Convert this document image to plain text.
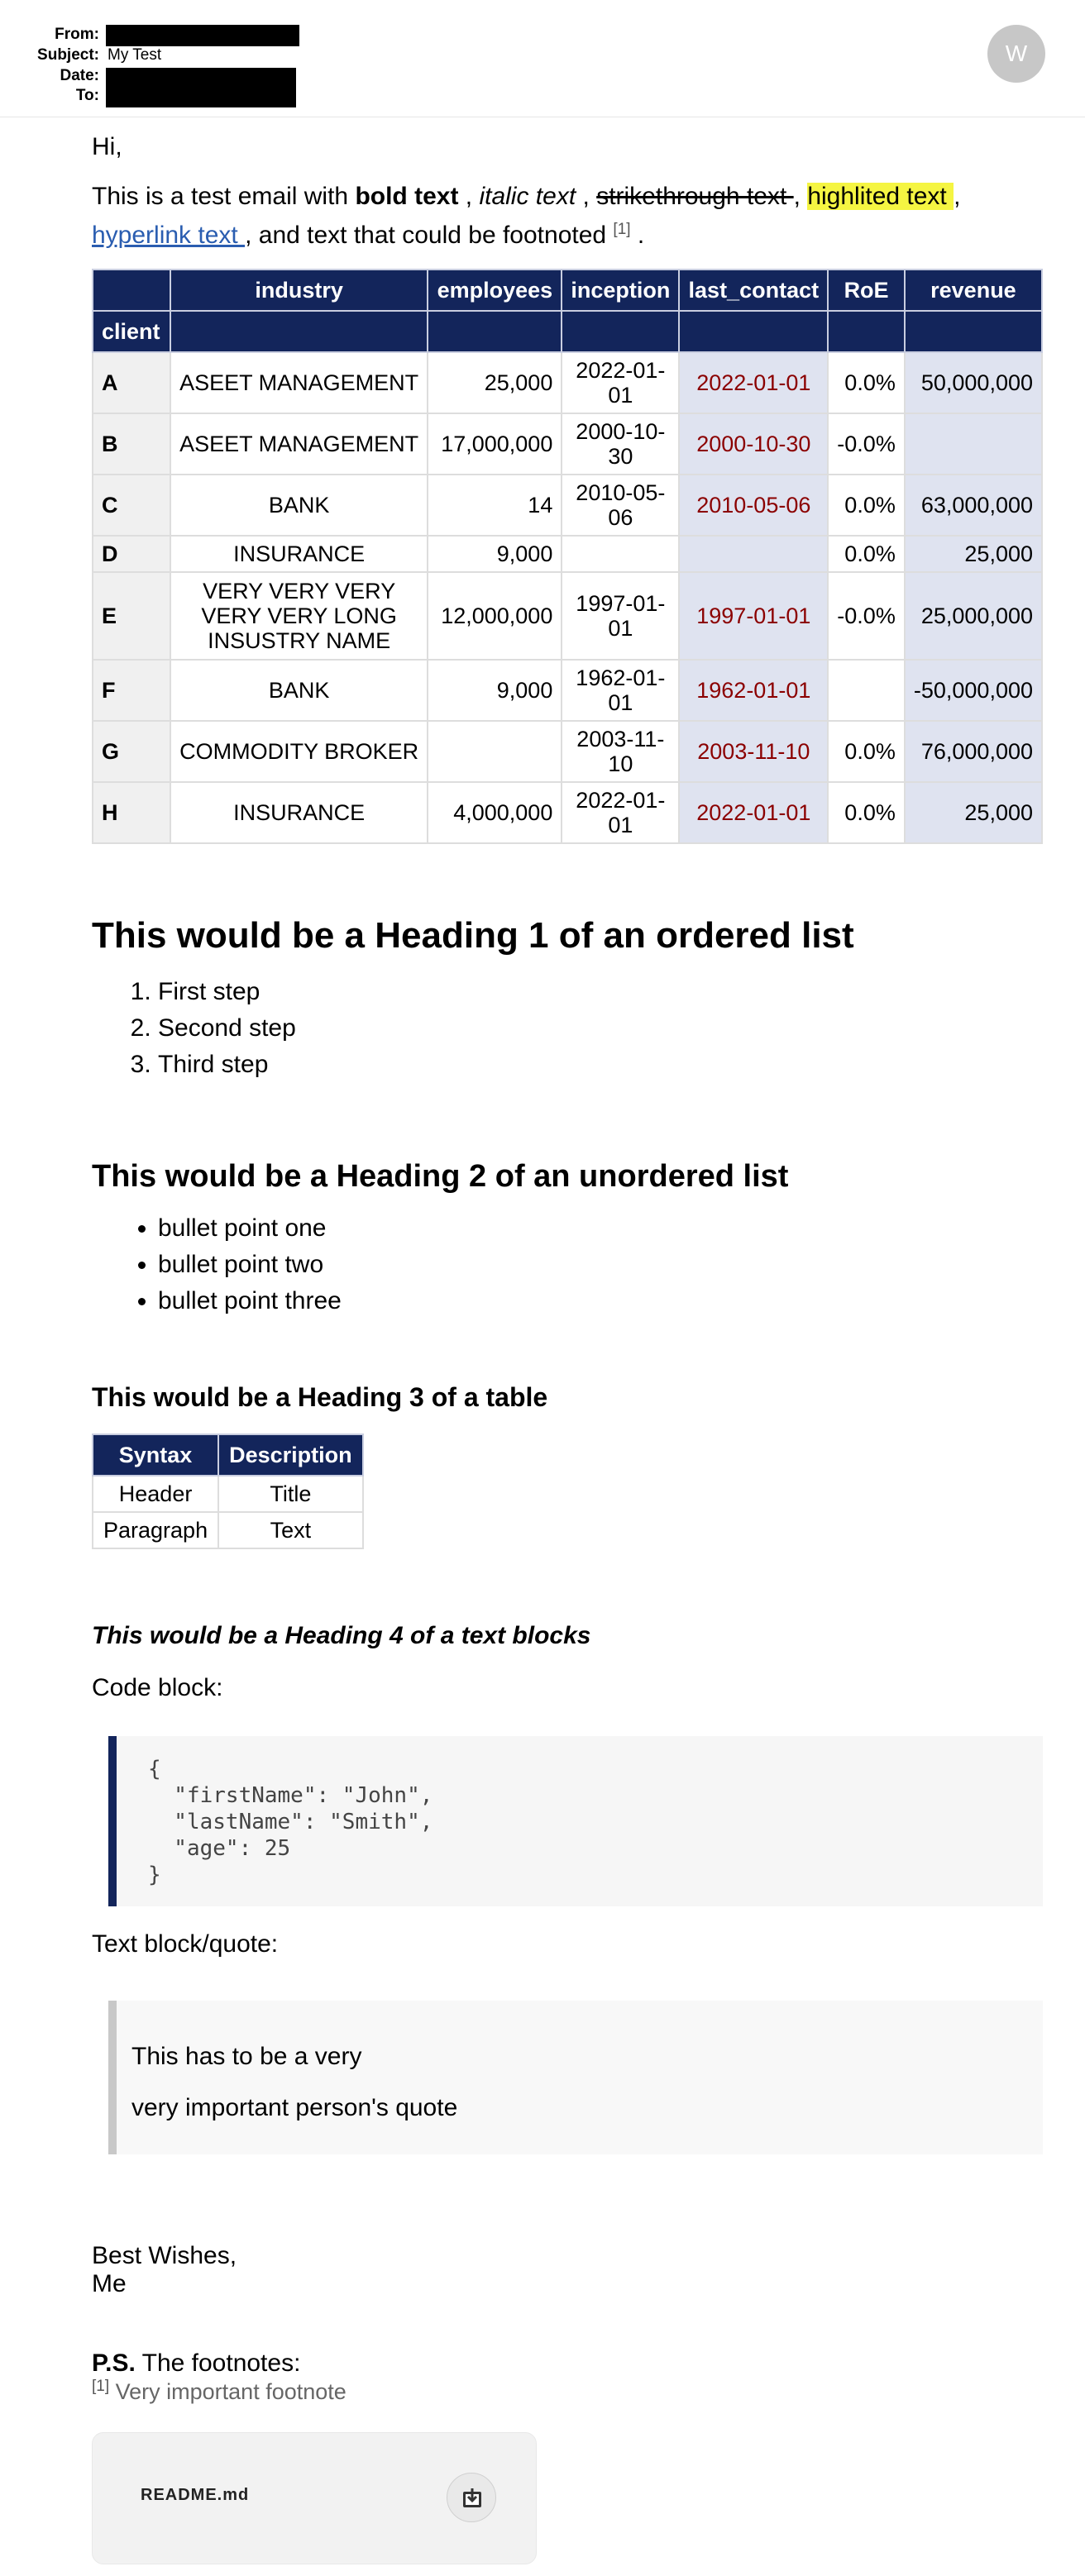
From:
Subject: My Test
Date:
To:
W

Hi,

This is a test email with bold text , italic text , strikethrough text , highlited text , hyperlink text , and text that could be footnoted [1] .

	industry	employees	inception	last_contact	RoE	revenue
client						
A	ASEET MANAGEMENT	25,000	2022-01-01	2022-01-01	0.0%	50,000,000
B	ASEET MANAGEMENT	17,000,000	2000-10-30	2000-10-30	-0.0%	
C	BANK	14	2010-05-06	2010-05-06	0.0%	63,000,000
D	INSURANCE	9,000			0.0%	25,000
E	VERY VERY VERY VERY VERY LONG INSUSTRY NAME	12,000,000	1997-01-01	1997-01-01	-0.0%	25,000,000
F	BANK	9,000	1962-01-01	1962-01-01		-50,000,000
G	COMMODITY BROKER		2003-11-10	2003-11-10	0.0%	76,000,000
H	INSURANCE	4,000,000	2022-01-01	2022-01-01	0.0%	25,000
This would be a Heading 1 of an ordered list
1. First step
2. Second step
3. Third step
This would be a Heading 2 of an unordered list
• bullet point one
• bullet point two
• bullet point three
This would be a Heading 3 of a table
Syntax	Description
Header	Title
Paragraph	Text
This would be a Heading 4 of a text blocks

Code block:

{
"firstName": "John",
"lastName": "Smith",
"age": 25
}

Text block/quote:

This has to be a very

very important person's quote

Best Wishes,
Me
P.S. The footnotes:
[1] Very important footnote
README.md
